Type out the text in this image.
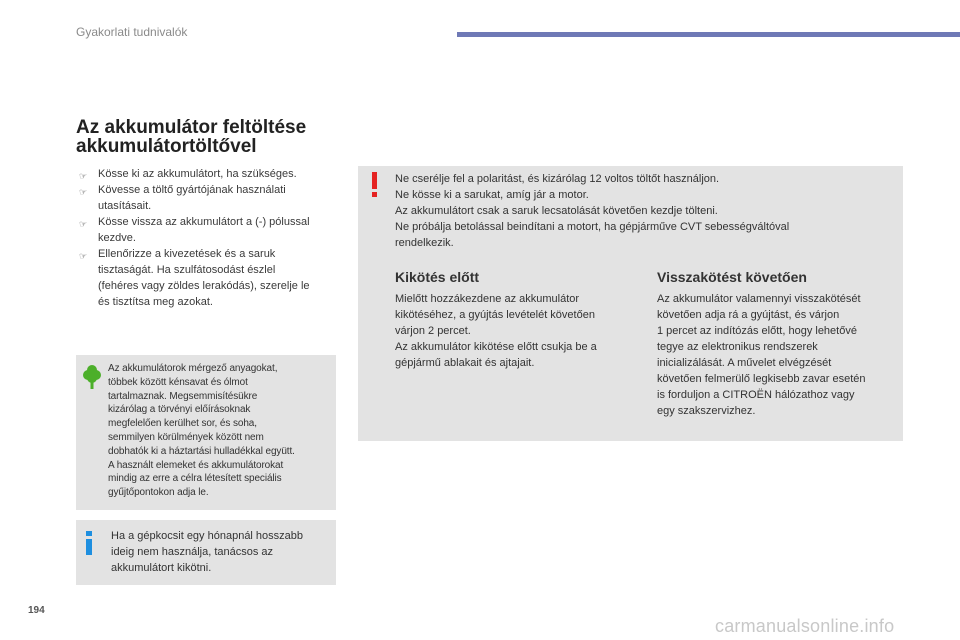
Gyakorlati tudnivalók
Az akkumulátor feltöltése
akkumulátortöltővel
☞ Kösse ki az akkumulátort, ha szükséges.
☞ Kövesse a töltő gyártójának használati
utasításait.
☞ Kösse vissza az akkumulátort a (-) pólussal
kezdve.
☞ Ellenőrizze a kivezetések és a saruk
tisztaságát. Ha szulfátosodást észlel
(fehéres vagy zöldes lerakódás), szerelje le
és tisztítsa meg azokat.
Az akkumulátorok mérgező anyagokat,
többek között kénsavat és ólmot
tartalmaznak. Megsemmisítésükre
kizárólag a törvényi előírásoknak
megfelelően kerülhet sor, és soha,
semmilyen körülmények között nem
dobhatók ki a háztartási hulladékkal együtt.
A használt elemeket és akkumulátorokat
mindig az erre a célra létesített speciális
gyűjtőpontokon adja le.
Ha a gépkocsit egy hónapnál hosszabb
ideig nem használja, tanácsos az
akkumulátort kikötni.
Ne cserélje fel a polaritást, és kizárólag 12 voltos töltőt használjon.
Ne kösse ki a sarukat, amíg jár a motor.
Az akkumulátort csak a saruk lecsatolását követően kezdje tölteni.
Ne próbálja betolással beindítani a motort, ha gépjárműve CVT sebességváltóval
rendelkezik.
Kikötés előtt
Mielőtt hozzákezdene az akkumulátor
kikötéséhez, a gyújtás levételét követően
várjon 2 percet.
Az akkumulátor kikötése előtt csukja be a
gépjármű ablakait és ajtajait.
Visszakötést követően
Az akkumulátor valamennyi visszakötését
követően adja rá a gyújtást, és várjon
1 percet az indítózás előtt, hogy lehetővé
tegye az elektronikus rendszerek
inicializálását. A művelet elvégzését
követően felmerülő legkisebb zavar esetén
is forduljon a CITROËN hálózathoz vagy
egy szakszervizhez.
194
carmanualsonline.info
